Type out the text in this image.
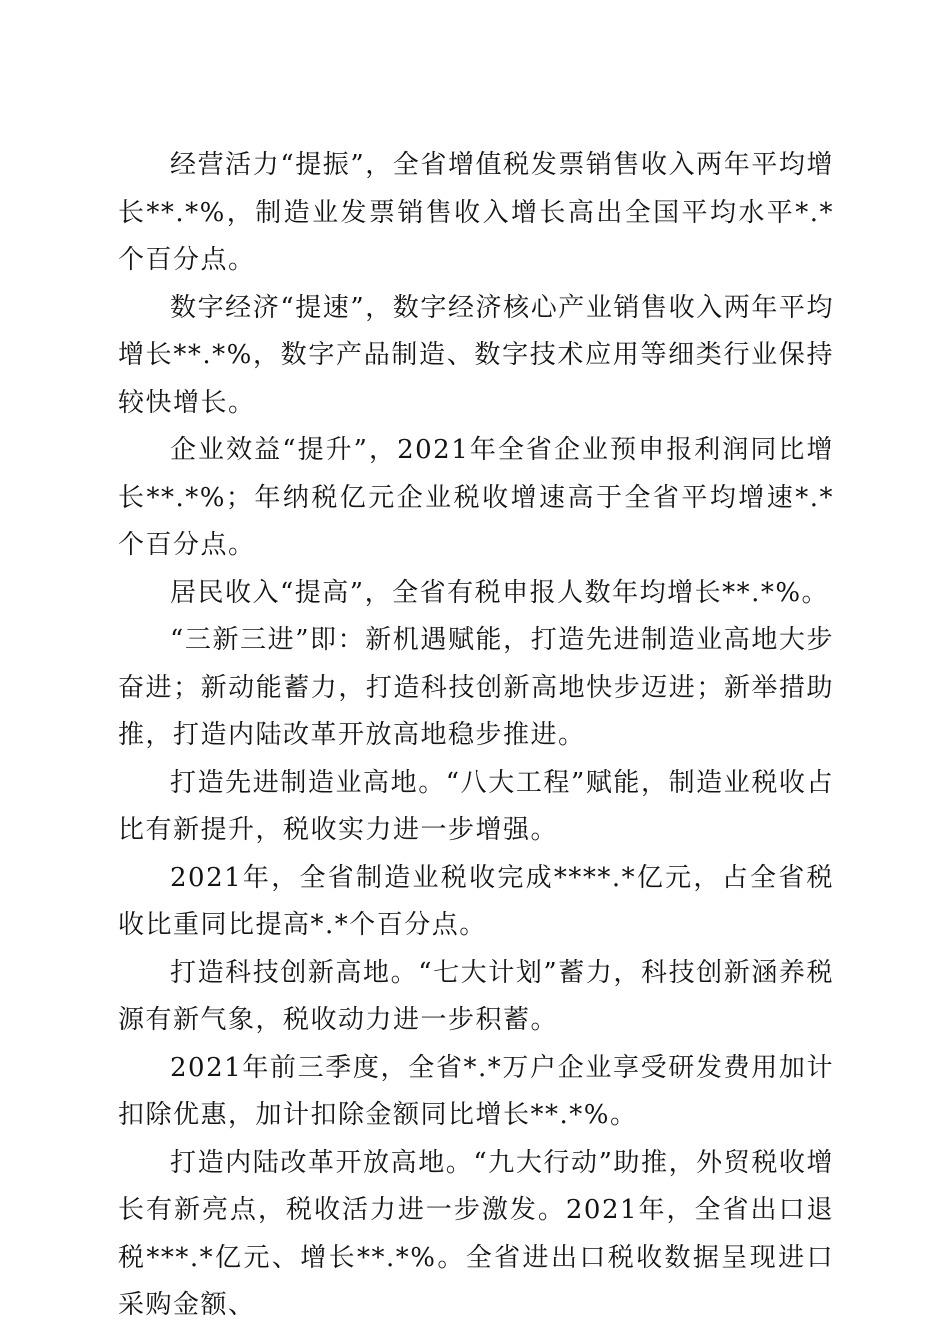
经营活力“提振”，全省增值税发票销售收入两年平均增长**.*%，制造业发票销售收入增长高出全国平均水平*.*个百分点。

数字经济“提速”，数字经济核心产业销售收入两年平均增长**.*%，数字产品制造、数字技术应用等细类行业保持较快增长。

企业效益“提升”，2021年全省企业预申报利润同比增长**.*%；年纳税亿元企业税收增速高于全省平均增速*.*个百分点。

居民收入“提高”，全省有税申报人数年均增长**.*%。

“三新三进”即：新机遇赋能，打造先进制造业高地大步奋进；新动能蓄力，打造科技创新高地快步迈进；新举措助推，打造内陆改革开放高地稳步推进。

打造先进制造业高地。“八大工程”赋能，制造业税收占比有新提升，税收实力进一步增强。

2021年，全省制造业税收完成****.*亿元，占全省税收比重同比提高*.*个百分点。

打造科技创新高地。“七大计划”蓄力，科技创新涵养税源有新气象，税收动力进一步积蓄。

2021年前三季度，全省*.*万户企业享受研发费用加计扣除优惠，加计扣除金额同比增长**.*%。

打造内陆改革开放高地。“九大行动”助推，外贸税收增长有新亮点，税收活力进一步激发。2021年，全省出口退税***.*亿元、增长**.*%。全省进出口税收数据呈现进口采购金额、
